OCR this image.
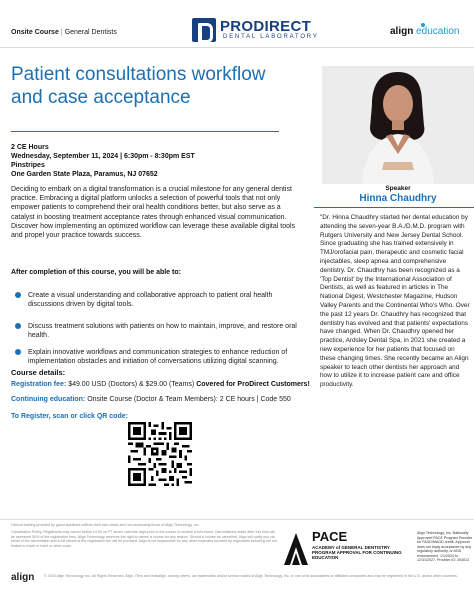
Onsite Course | General Dentists	PRODIRECT
DENTAL LABORATORY	align education
Patient consultations workflow and case acceptance
2 CE Hours
Wednesday, September 11, 2024 | 6:30pm - 8:30pm EST
Pinstripes
One Garden State Plaza, Paramus, NJ 07652

Deciding to embark on a digital transformation is a crucial milestone for any general dentist practice. Embracing a digital platform unlocks a selection of powerful tools that not only empower patients to comprehend their oral health conditions better, but also serve as a catalyst in boosting treatment acceptance rates through enhanced visual communication. Discover how implementing an optimized workflow can leverage these available digital tools and propel your practice towards success.

After completion of this course, you will be able to:
Create a visual understanding and collaborative approach to patient oral health discussions driven by digital tools.
Discuss treatment solutions with patients on how to maintain, improve, and restore oral health.
Explain innovative workflows and communication strategies to enhance reduction of implementation obstacles and initiation of conversations utilizing digital scanning.
Course details:
Registration fee: $49.00 USD (Doctors) & $29.00 (Teams) Covered for ProDirect Customers!
Continuing education: Onsite Course (Doctor & Team Members): 2 CE hours | Code 550
To Register, scan or click QR code:
Speaker
Hinna Chaudhry

"Dr. Hinna Chaudhry started her dental education by attending the seven-year B.A./D.M.D. program with Rutgers University and New Jersey Dental School. Since graduating she has trained extensively in TMJ/orofacial pain, therapeutic and cosmetic facial injectables, sleep apnea and comprehensive dentistry. Dr. Chaudhry has been recognized as a 'Top Dentist' by the International Association of Dentists, as well as featured in articles in The National Digest, Westchester Magazine, Hudson Valley Parents and the Continental Who's Who. Over the past 12 years Dr. Chaudhry has recognized that dentistry has evolved and that patients' expectations have changed. When Dr. Chaudhry opened her practice, Ardsley Dental Spa, in 2021 she created a new experience for her patients that focused on these changing times. She recently became an Align speaker to teach other dentists her approach and how to utilize it to increase patient care and office productivity.

Clinical training provided by guest speakers reflects their own views and not necessarily those of Align Technology, Inc.

Cancellation Policy: Registrants may cancel before 14:00 on PT seven calendar days prior to the course to receive a full refund. Cancellations made after this time will be assessed 50% of the registration fees. Align Technology reserves the right to cancel a course for any reason. Should a course be cancelled, Align will notify you via email of the cancellation and a full refund of the registration fee will be provided. Align is not responsible for any other expenses incurred by registrants including but not limited to travel or hotel or other costs.

PACE
ACADEMY of GENERAL DENTISTRY PROGRAM APPROVAL FOR CONTINUING EDUCATION

Align Technology, Inc. Nationally Approved PACE Program Provider for FAGD/MAGD credit. Approval does not imply acceptance by any regulatory authority, or AGD endorsement. 1/1/2024 to 12/31/2027. Provider ID: 304013

align	© 2024 Align Technology, Inc. All Rights Reserved. Align, iTero and invisalign, among others, are trademarks and/or service marks of Align Technology, Inc. or one of its subsidiaries or affiliated companies and may be registered in the U.S. and/or other countries.
